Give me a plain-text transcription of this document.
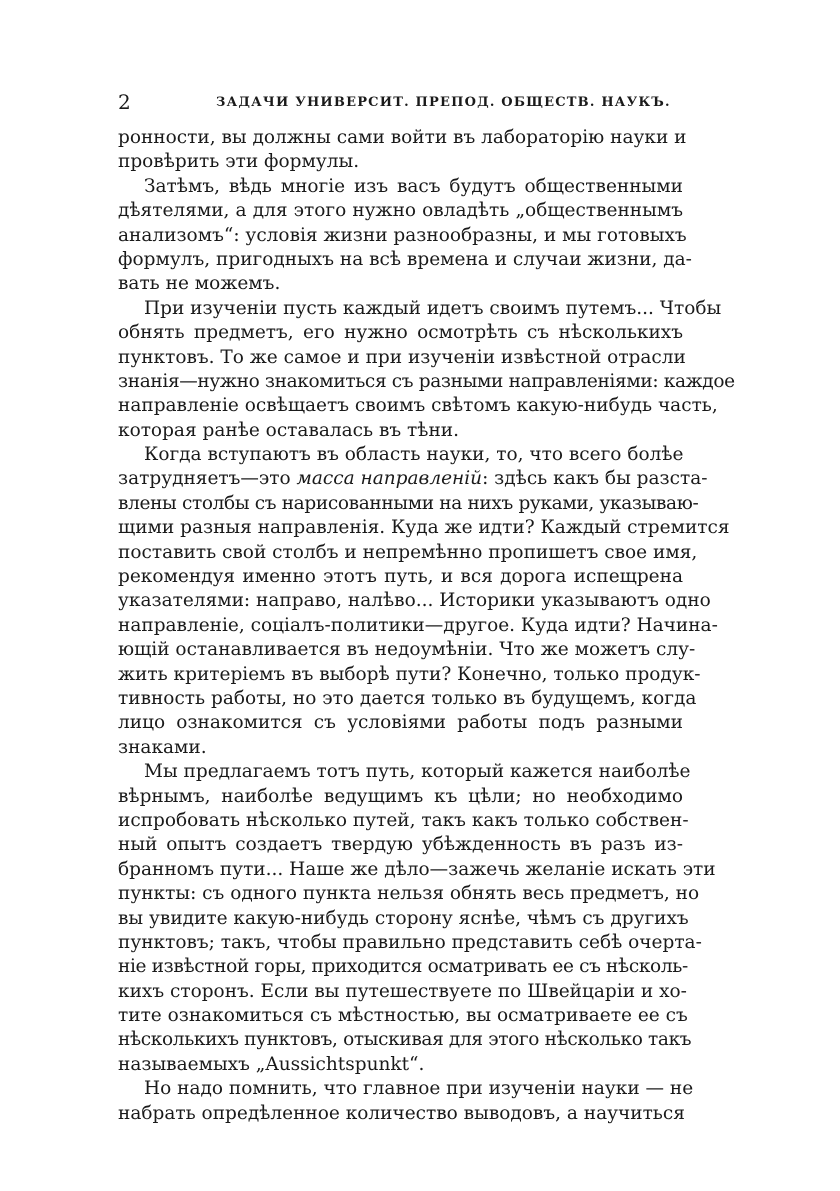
2	ЗАДАЧИ УНИВЕРСИТ. ПРЕПОД. ОБЩЕСТВ. НАУКЪ.
ронности, вы должны сами войти въ лабораторію науки и
провѣрить эти формулы.
Затѣмъ, вѣдь многіе изъ васъ будутъ общественными
дѣятелями, а для этого нужно овладѣть „общественнымъ
анализомъ“: условія жизни разнообразны, и мы готовыхъ
формулъ, пригодныхъ на всѣ времена и случаи жизни, да-
вать не можемъ.
При изученіи пусть каждый идетъ своимъ путемъ... Чтобы
обнять предметъ, его нужно осмотрѣть съ нѣсколькихъ
пунктовъ. То же самое и при изученіи извѣстной отрасли
знанія—нужно знакомиться съ разными направленіями: каждое
направленіе освѣщаетъ своимъ свѣтомъ какую-нибудь часть,
которая ранѣе оставалась въ тѣни.
Когда вступаютъ въ область науки, то, что всего болѣе
затрудняетъ—это масса направленій: здѣсь какъ бы разста-
влены столбы съ нарисованными на нихъ руками, указываю-
щими разныя направленія. Куда же идти? Каждый стремится
поставить свой столбъ и непремѣнно пропишетъ свое имя,
рекомендуя именно этотъ путь, и вся дорога испещрена
указателями: направо, налѣво... Историки указываютъ одно
направленіе, соціалъ-политики—другое. Куда идти? Начина-
ющій останавливается въ недоумѣніи. Что же можетъ слу-
жить критеріемъ въ выборѣ пути? Конечно, только продук-
тивность работы, но это дается только въ будущемъ, когда
лицо ознакомится съ условіями работы подъ разными
знаками.
Мы предлагаемъ тотъ путь, который кажется наиболѣе
вѣрнымъ, наиболѣе ведущимъ къ цѣли; но необходимо
испробовать нѣсколько путей, такъ какъ только собствен-
ный опытъ создаетъ твердую убѣжденность въ разъ из-
бранномъ пути... Наше же дѣло—зажечь желаніе искать эти
пункты: съ одного пункта нельзя обнять весь предметъ, но
вы увидите какую-нибудь сторону яснѣе, чѣмъ съ другихъ
пунктовъ; такъ, чтобы правильно представить себѣ очерта-
ніе извѣстной горы, приходится осматривать ее съ нѣсколь-
кихъ сторонъ. Если вы путешествуете по Швейцаріи и хо-
тите ознакомиться съ мѣстностью, вы осматриваете ее съ
нѣсколькихъ пунктовъ, отыскивая для этого нѣсколько такъ
называемыхъ „Aussichtspunkt“.
Но надо помнить, что главное при изученіи науки — не
набрать опредѣленное количество выводовъ, а научиться
